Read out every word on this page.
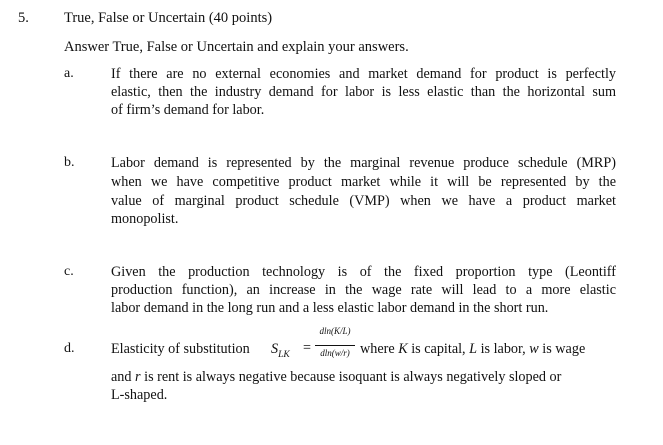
5. True, False or Uncertain (40 points)
Answer True, False or Uncertain and explain your answers.
a.	If there are no external economies and market demand for product is perfectly
elastic, then the industry demand for labor is less elastic than the horizontal sum
of firm’s demand for labor.
b.	Labor demand is represented by the marginal revenue produce schedule (MRP)
when we have competitive product market while it will be represented by the
value of marginal product schedule (VMP) when we have a product market
monopolist.
c.	Given the production technology is of the fixed proportion type (Leontiff
production function), an increase in the wage rate will lead to a more elastic
labor demand in the long run and a less elastic labor demand in the short run.
d.	Elasticity of substitution $S_{LK}$ =
dln(K/L)
dln(w/r) where K is capital, L is labor, w is wage
and r is rent is always negative because isoquant is always negatively sloped or
L-shaped.
